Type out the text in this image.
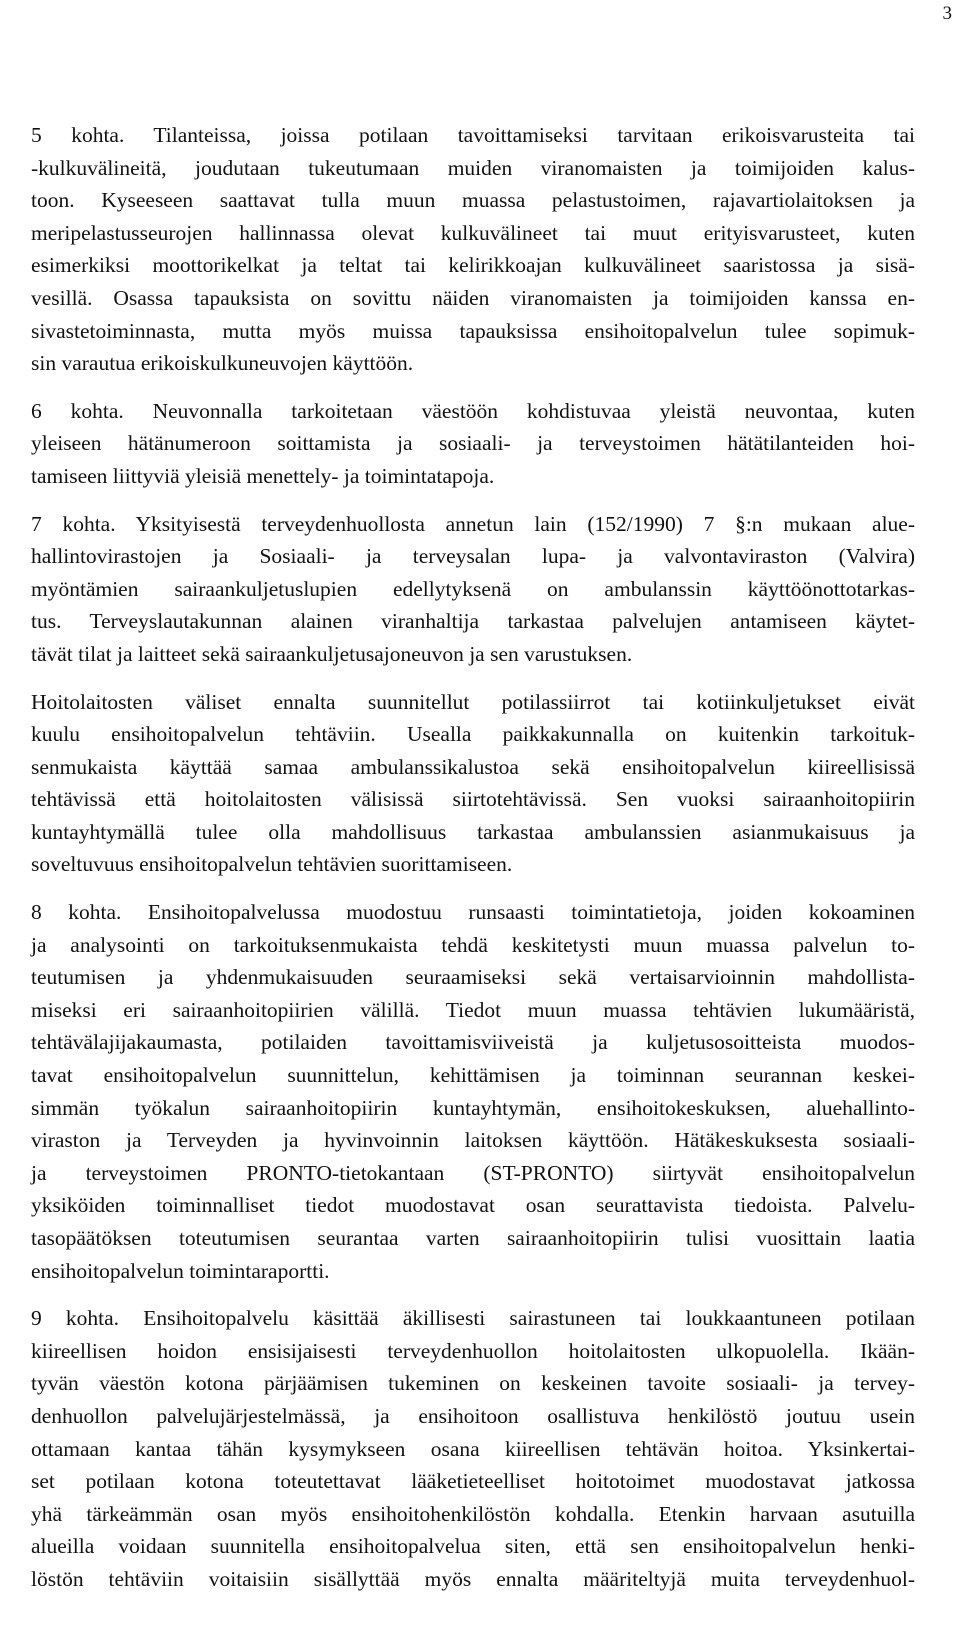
3
5 kohta. Tilanteissa, joissa potilaan tavoittamiseksi tarvitaan erikoisvarusteita tai
-kulkuvälineitä, joudutaan tukeutumaan muiden viranomaisten ja toimijoiden kalus-
toon. Kyseeseen saattavat tulla muun muassa pelastustoimen, rajavartiolaitoksen ja
meripelastusseurojen hallinnassa olevat kulkuvälineet tai muut erityisvarusteet, kuten
esimerkiksi moottorikelkat ja teltat tai kelirikkoajan kulkuvälineet saaristossa ja sisä-
vesillä. Osassa tapauksista on sovittu näiden viranomaisten ja toimijoiden kanssa en-
sivastetoiminnasta, mutta myös muissa tapauksissa ensihoitopalvelun tulee sopimuk-
sin varautua erikoiskulkuneuvojen käyttöön.
6 kohta. Neuvonnalla tarkoitetaan väestöön kohdistuvaa yleistä neuvontaa, kuten
yleiseen hätänumeroon soittamista ja sosiaali- ja terveystoimen hätätilanteiden hoi-
tamiseen liittyviä yleisiä menettely- ja toimintatapoja.
7 kohta. Yksityisestä terveydenhuollosta annetun lain (152/1990) 7 §:n mukaan alue-
hallintovirastojen ja Sosiaali- ja terveysalan lupa- ja valvontaviraston (Valvira)
myöntämien sairaankuljetuslupien edellytyksenä on ambulanssin käyttöönottotarkas-
tus. Terveyslautakunnan alainen viranhaltija tarkastaa palvelujen antamiseen käytet-
tävät tilat ja laitteet sekä sairaankuljetusajoneuvon ja sen varustuksen.
Hoitolaitosten väliset ennalta suunnitellut potilassiirrot tai kotiinkuljetukset eivät
kuulu ensihoitopalvelun tehtäviin. Usealla paikkakunnalla on kuitenkin tarkoituk-
senmukaista käyttää samaa ambulanssikalustoa sekä ensihoitopalvelun kiireellisissä
tehtävissä että hoitolaitosten välisissä siirtotehtävissä. Sen vuoksi sairaanhoitopiirin
kuntayhtymällä tulee olla mahdollisuus tarkastaa ambulanssien asianmukaisuus ja
soveltuvuus ensihoitopalvelun tehtävien suorittamiseen.
8 kohta. Ensihoitopalvelussa muodostuu runsaasti toimintatietoja, joiden kokoaminen
ja analysointi on tarkoituksenmukaista tehdä keskitetysti muun muassa palvelun to-
teutumisen ja yhdenmukaisuuden seuraamiseksi sekä vertaisarvioinnin mahdollista-
miseksi eri sairaanhoitopiirien välillä. Tiedot muun muassa tehtävien lukumääristä,
tehtävälajijakaumasta, potilaiden tavoittamisviiveistä ja kuljetusosoitteista muodos-
tavat ensihoitopalvelun suunnittelun, kehittämisen ja toiminnan seurannan keskei-
simmän työkalun sairaanhoitopiirin kuntayhtymän, ensihoitokeskuksen, aluehallinto-
viraston ja Terveyden ja hyvinvoinnin laitoksen käyttöön. Hätäkeskuksesta sosiaali-
ja terveystoimen PRONTO-tietokantaan (ST-PRONTO) siirtyvät ensihoitopalvelun
yksiköiden toiminnalliset tiedot muodostavat osan seurattavista tiedoista. Palvelu-
tasopäätöksen toteutumisen seurantaa varten sairaanhoitopiirin tulisi vuosittain laatia
ensihoitopalvelun toimintaraportti.
9 kohta. Ensihoitopalvelu käsittää äkillisesti sairastuneen tai loukkaantuneen potilaan
kiireellisen hoidon ensisijaisesti terveydenhuollon hoitolaitosten ulkopuolella. Ikään-
tyvän väestön kotona pärjäämisen tukeminen on keskeinen tavoite sosiaali- ja tervey-
denhuollon palvelujärjestelmässä, ja ensihoitoon osallistuva henkilöstö joutuu usein
ottamaan kantaa tähän kysymykseen osana kiireellisen tehtävän hoitoa. Yksinkertai-
set potilaan kotona toteutettavat lääketieteelliset hoitotoimet muodostavat jatkossa
yhä tärkeämmän osan myös ensihoitohenkilöstön kohdalla. Etenkin harvaan asutuilla
alueilla voidaan suunnitella ensihoitopalvelua siten, että sen ensihoitopalvelun henki-
löstön tehtäviin voitaisiin sisällyttää myös ennalta määriteltyjä muita terveydenhuol-
